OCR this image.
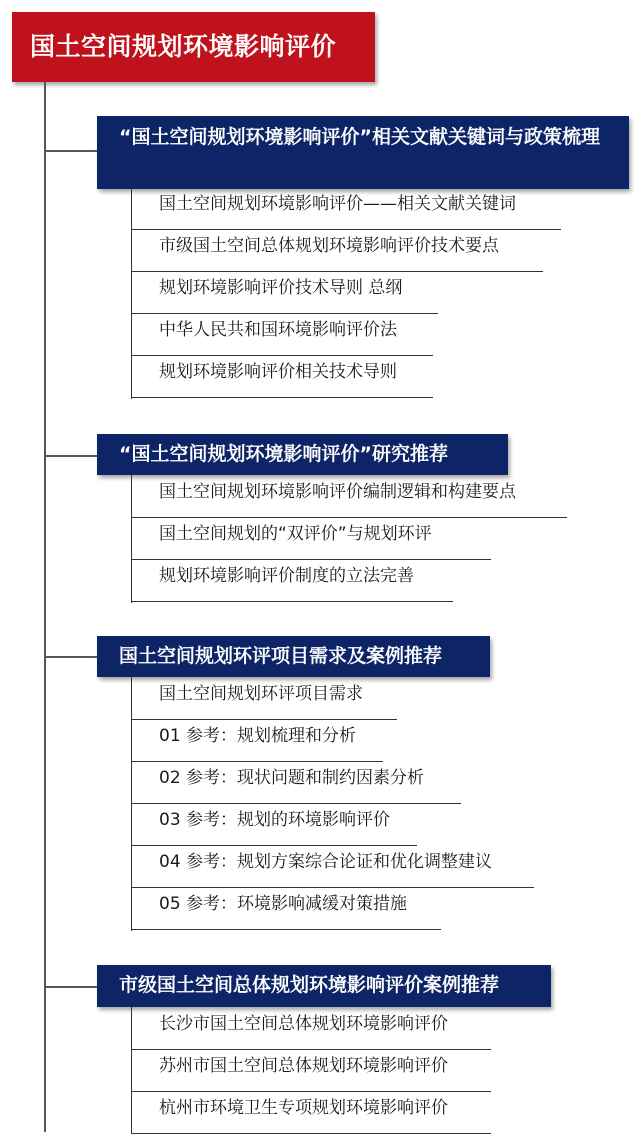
国土空间规划环境影响评价
“国土空间规划环境影响评价”相关文献关键词与政策梳理
国土空间规划环境影响评价——相关文献关键词
市级国土空间总体规划环境影响评价技术要点
规划环境影响评价技术导则 总纲
中华人民共和国环境影响评价法
规划环境影响评价相关技术导则
“国土空间规划环境影响评价”研究推荐
国土空间规划环境影响评价编制逻辑和构建要点
国土空间规划的“双评价”与规划环评
规划环境影响评价制度的立法完善
国土空间规划环评项目需求及案例推荐
国土空间规划环评项目需求
01 参考：规划梳理和分析
02 参考：现状问题和制约因素分析
03 参考：规划的环境影响评价
04 参考：规划方案综合论证和优化调整建议
05 参考：环境影响减缓对策措施
市级国土空间总体规划环境影响评价案例推荐
长沙市国土空间总体规划环境影响评价
苏州市国土空间总体规划环境影响评价
杭州市环境卫生专项规划环境影响评价
